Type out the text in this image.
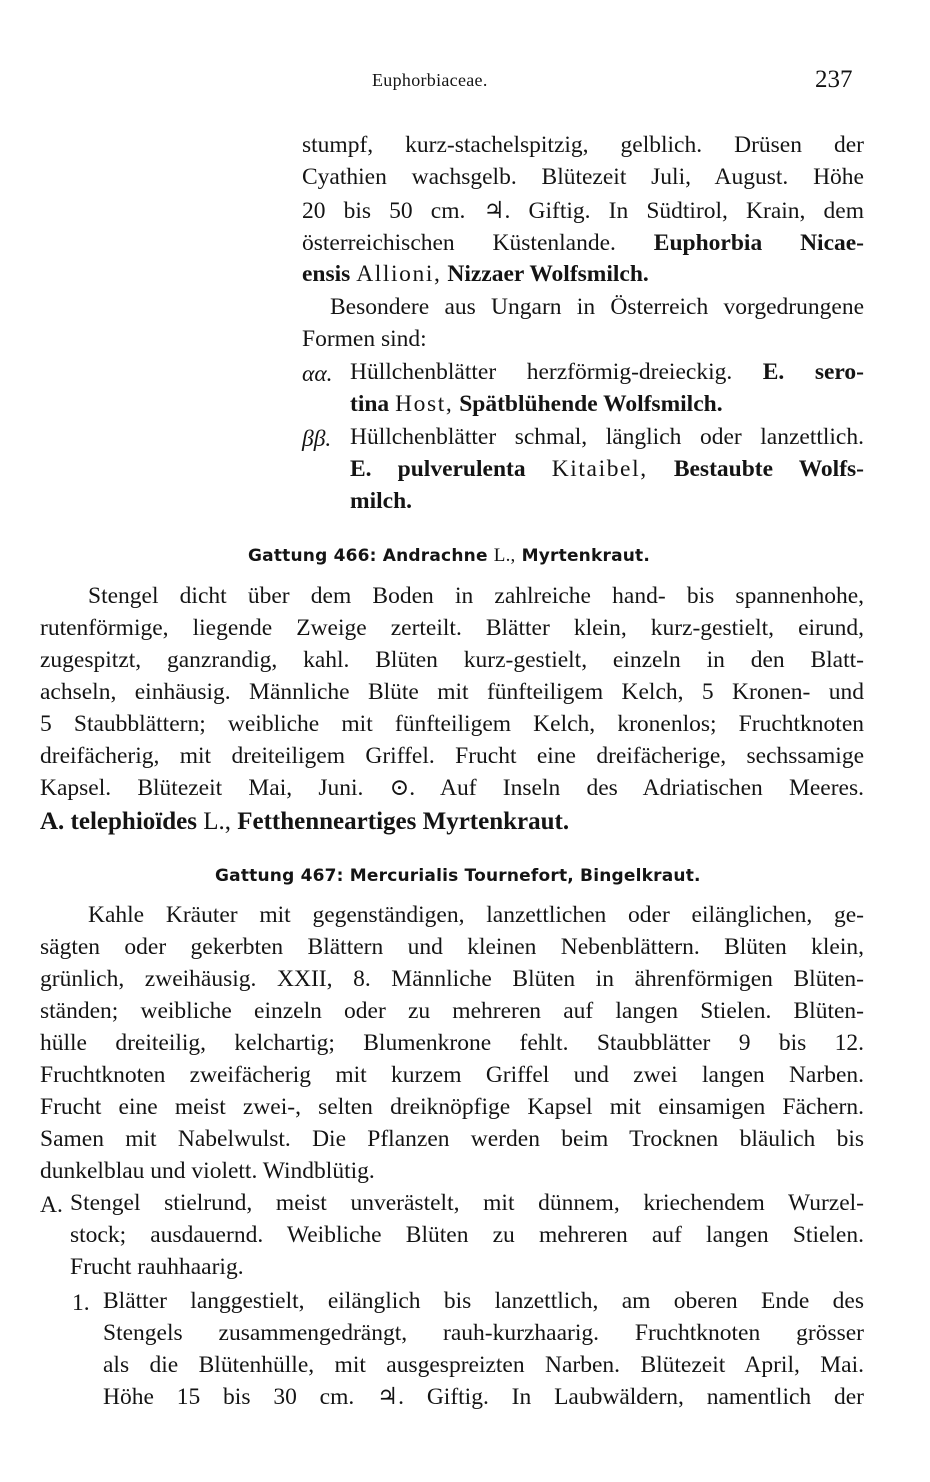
Euphorbiaceae.	237
stumpf, kurz-stachelspitzig, gelblich. Drüsen der
Cyathien wachsgelb. Blütezeit Juli, August. Höhe
20 bis 50 cm. ♃. Giftig. In Südtirol, Krain, dem
österreichischen Küstenlande. Euphorbia Nicae-
ensis Allioni, Nizzaer Wolfsmilch.
Besondere aus Ungarn in Österreich vorgedrungene
Formen sind:
αα. Hüllchenblätter herzförmig-dreieckig. E. sero-
tina Host, Spätblühende Wolfsmilch.
ββ. Hüllchenblätter schmal, länglich oder lanzettlich.
E. pulverulenta Kitaibel, Bestaubte Wolfs-
milch.
Gattung 466: Andrachne L., Myrtenkraut.
Stengel dicht über dem Boden in zahlreiche hand- bis spannenhohe,
rutenförmige, liegende Zweige zerteilt. Blätter klein, kurz-gestielt, eirund,
zugespitzt, ganzrandig, kahl. Blüten kurz-gestielt, einzeln in den Blatt-
achseln, einhäusig. Männliche Blüte mit fünfteiligem Kelch, 5 Kronen- und
5 Staubblättern; weibliche mit fünfteiligem Kelch, kronenlos; Fruchtknoten
dreifächerig, mit dreiteiligem Griffel. Frucht eine dreifächerige, sechssamige
Kapsel. Blütezeit Mai, Juni. ⊙. Auf Inseln des Adriatischen Meeres.
A. telephioïdes L., Fetthenneartiges Myrtenkraut.
Gattung 467: Mercurialis Tournefort, Bingelkraut.
Kahle Kräuter mit gegenständigen, lanzettlichen oder eilänglichen, ge-
sägten oder gekerbten Blättern und kleinen Nebenblättern. Blüten klein,
grünlich, zweihäusig. XXII, 8. Männliche Blüten in ährenförmigen Blüten-
ständen; weibliche einzeln oder zu mehreren auf langen Stielen. Blüten-
hülle dreiteilig, kelchartig; Blumenkrone fehlt. Staubblätter 9 bis 12.
Fruchtknoten zweifächerig mit kurzem Griffel und zwei langen Narben.
Frucht eine meist zwei-, selten dreiknöpfige Kapsel mit einsamigen Fächern.
Samen mit Nabelwulst. Die Pflanzen werden beim Trocknen bläulich bis
dunkelblau und violett. Windblütig.
A. Stengel stielrund, meist unverästelt, mit dünnem, kriechendem Wurzel-
stock; ausdauernd. Weibliche Blüten zu mehreren auf langen Stielen.
Frucht rauhhaarig.
1. Blätter langgestielt, eilänglich bis lanzettlich, am oberen Ende des
Stengels zusammengedrängt, rauh-kurzhaarig. Fruchtknoten grösser
als die Blütenhülle, mit ausgespreizten Narben. Blütezeit April, Mai.
Höhe 15 bis 30 cm. ♃. Giftig. In Laubwäldern, namentlich der
